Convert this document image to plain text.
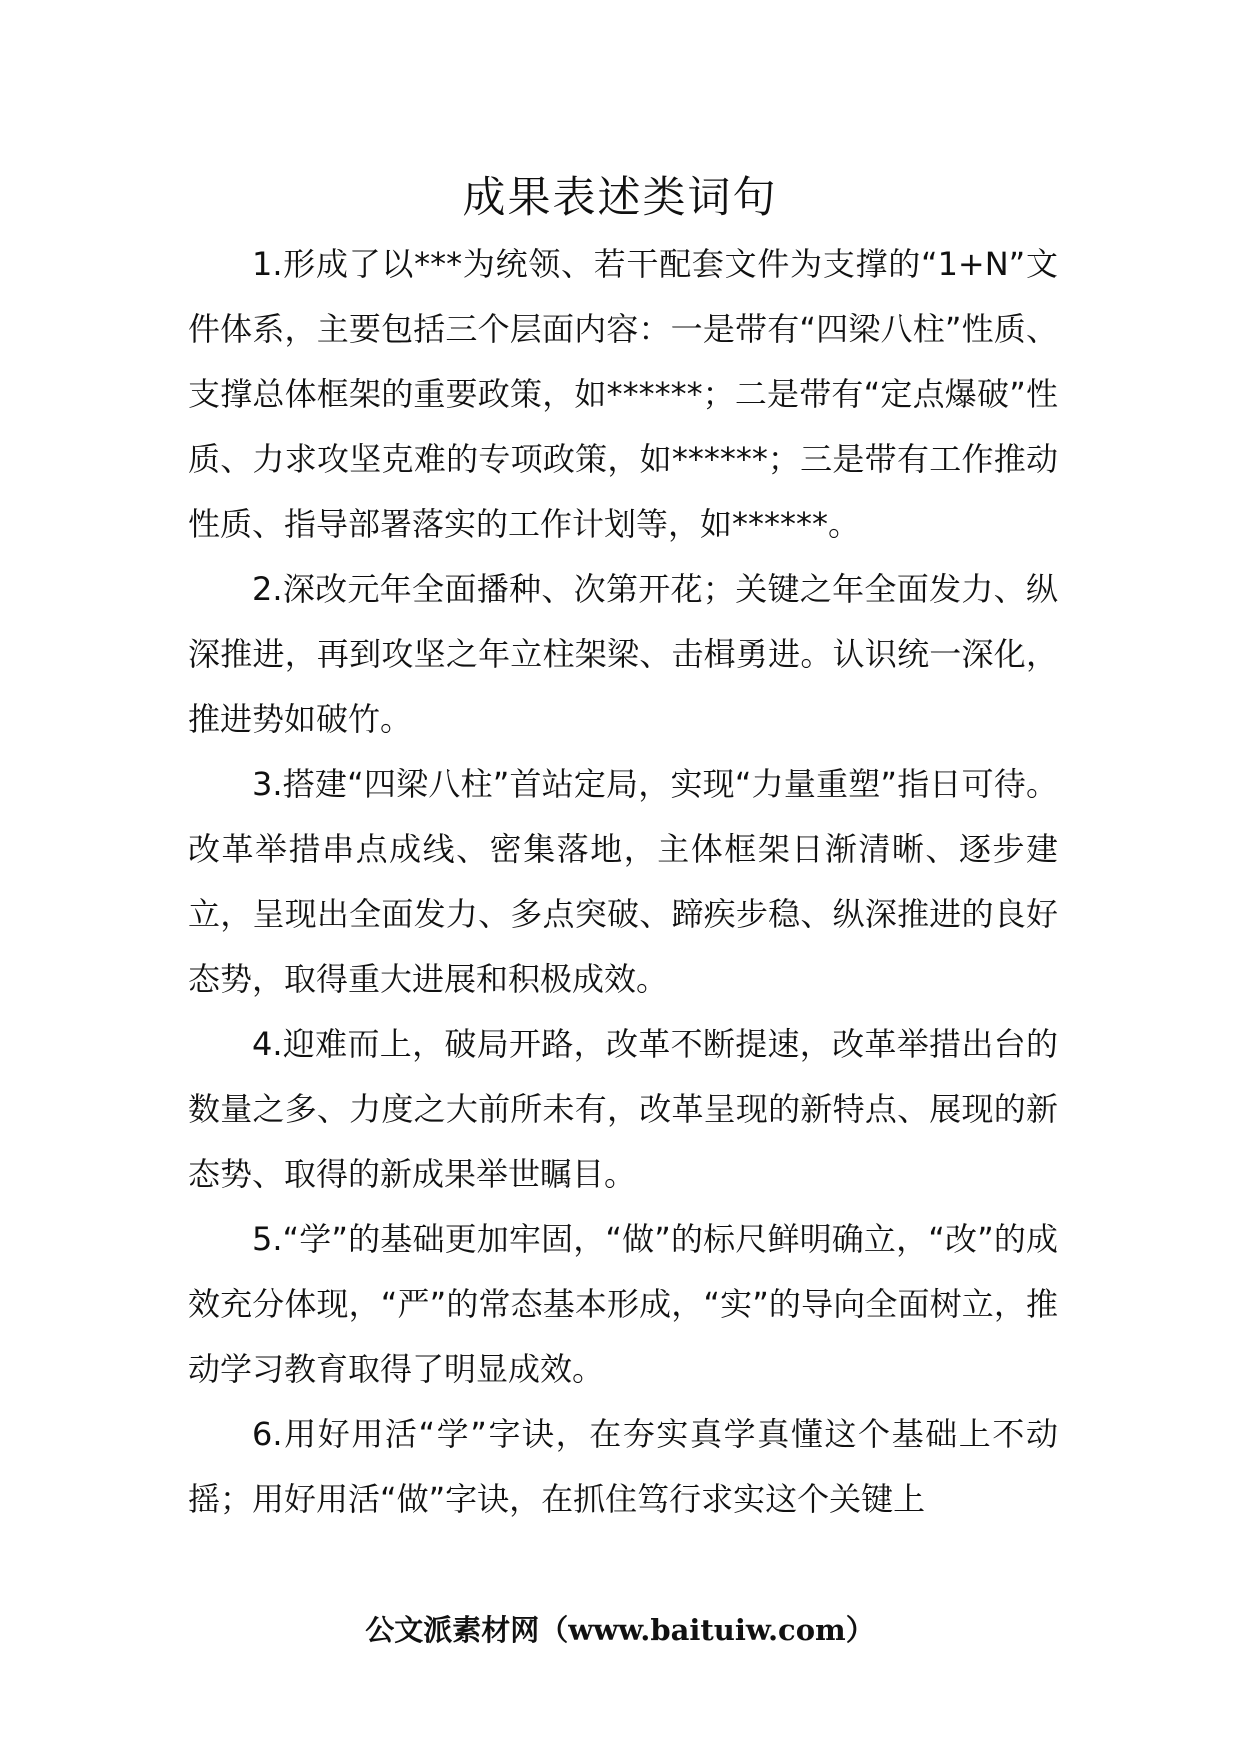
成果表述类词句

1.形成了以***为统领、若干配套文件为支撑的“1+N”文件体系，主要包括三个层面内容：一是带有“四梁八柱”性质、支撑总体框架的重要政策，如******；二是带有“定点爆破”性质、力求攻坚克难的专项政策，如******；三是带有工作推动性质、指导部署落实的工作计划等，如******。

2.深改元年全面播种、次第开花；关键之年全面发力、纵深推进，再到攻坚之年立柱架梁、击楫勇进。认识统一深化，推进势如破竹。

3.搭建“四梁八柱”首站定局，实现“力量重塑”指日可待。改革举措串点成线、密集落地，主体框架日渐清晰、逐步建立，呈现出全面发力、多点突破、蹄疾步稳、纵深推进的良好态势，取得重大进展和积极成效。

4.迎难而上，破局开路，改革不断提速，改革举措出台的数量之多、力度之大前所未有，改革呈现的新特点、展现的新态势、取得的新成果举世瞩目。

5.“学”的基础更加牢固，“做”的标尺鲜明确立，“改”的成效充分体现，“严”的常态基本形成，“实”的导向全面树立，推动学习教育取得了明显成效。

6.用好用活“学”字诀，在夯实真学真懂这个基础上不动摇；用好用活“做”字诀，在抓住笃行求实这个关键上

公文派素材网（www.baituiw.com）
